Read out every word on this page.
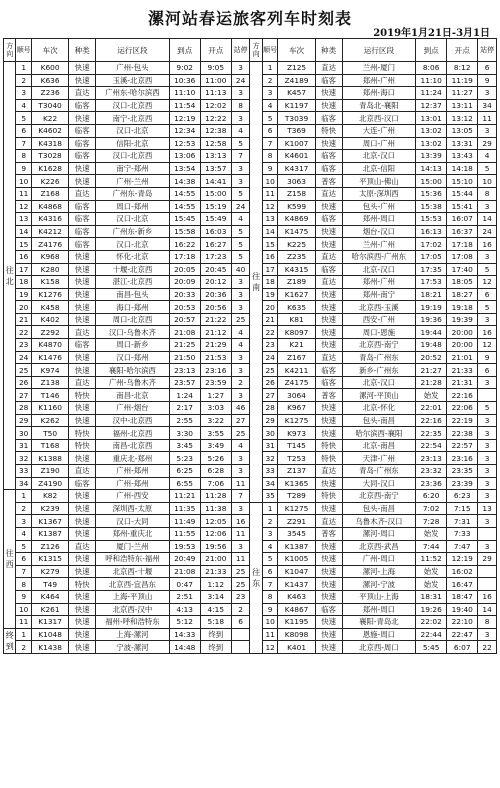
漯河站春运旅客列车时刻表
2019年1月21日-3月1日
方向	顺号	车次	种类	运行区段	到点	开点	站停	方向	顺号	车次	种类	运行区段	到点	开点	站停
往北	1	K600	快速	广州-包头	9:02	9:05	3	往南	1	Z125	直达	兰州-厦门	8:06	8:12	6
	2	K636	快速	玉溪-北京西	10:36	11:00	24		2	Z4189	临客	郑州-广州	11:10	11:19	9
	3	Z236	直达	广州东-哈尔滨西	11:10	11:13	3		3	K457	快速	郑州-海口	11:24	11:27	3
	4	T3040	临客	汉口-北京西	11:54	12:02	8		4	K1197	快速	青岛北-襄阳	12:37	13:11	34
	5	K22	快速	南宁-北京西	12:19	12:22	3		5	T3039	临客	北京西-汉口	13:01	13:12	11
	6	K4602	临客	汉口-北京	12:34	12:38	4		6	T369	特快	大连-广州	13:02	13:05	3
	7	K4318	临客	信阳-北京	12:53	12:58	5		7	K1007	快速	周口-广州	13:02	13:31	29
	8	T3028	临客	汉口-北京西	13:06	13:13	7		8	K4601	临客	北京-汉口	13:39	13:43	4
	9	K1628	快速	南宁-郑州	13:54	13:57	3		9	K4317	临客	北京-信阳	14:13	14:18	5
	10	K226	快速	广州-兰州	14:38	14:41	3		10	3063	普客	平顶山-佛山	15:00	15:10	10
	11	Z168	直达	广州东-青岛	14:55	15:00	5		11	Z158	直达	太原-深圳西	15:36	15:44	8
	12	K4868	临客	周口-郑州	14:55	15:19	24		12	K599	快速	包头-广州	15:38	15:41	3
	13	K4316	临客	汉口-北京	15:45	15:49	4		13	K4869	临客	郑州-周口	15:53	16:07	14
	14	K4212	临客	广州东-新乡	15:58	16:03	5		14	K1475	快速	烟台-汉口	16:13	16:37	24
	15	Z4176	临客	汉口-北京	16:22	16:27	5		15	K225	快速	兰州-广州	17:02	17:18	16
	16	K968	快速	怀化-北京	17:18	17:23	5		16	Z235	直达	哈尔滨西-广州东	17:05	17:08	3
	17	K280	快速	十堰-北京西	20:05	20:45	40		17	K4315	临客	北京-汉口	17:35	17:40	5
	18	K158	快速	湛江-北京西	20:09	20:12	3		18	Z189	直达	郑州-广州	17:53	18:05	12
	19	K1276	快速	南昌-包头	20:33	20:36	3		19	K1627	快速	郑州-南宁	18:21	18:27	6
	20	K458	快速	海口-郑州	20:53	20:56	3		20	K635	快速	北京西-玉溪	19:19	19:18	5
	21	K402	快速	周口-北京西	20:57	21:22	25		21	K81	快速	西安-广州	19:36	19:39	3
	22	Z292	直达	汉口-乌鲁木齐	21:08	21:12	4		22	K8097	快速	周口-恩施	19:44	20:00	16
	23	K4870	临客	周口-新乡	21:25	21:29	4		23	K21	快速	北京西-南宁	19:48	20:00	12
	24	K1476	快速	汉口-郑州	21:50	21:53	3		24	Z167	直达	青岛-广州东	20:52	21:01	9
	25	K974	快速	襄阳-哈尔滨西	23:13	23:16	3		25	K4211	临客	新乡-广州东	21:27	21:33	6
	26	Z138	直达	广州-乌鲁木齐	23:57	23:59	2		26	Z4175	临客	北京-汉口	21:28	21:31	3
	27	T146	特快	南昌-北京	1:24	1:27	3		27	3064	普客	漯河-平顶山	始发	22:16	
	28	K1160	快速	广州-烟台	2:17	3:03	46		28	K967	快速	北京-怀化	22:01	22:06	5
	29	K262	快速	汉中-北京西	2:55	3:22	27		29	K1275	快速	包头-南昌	22:16	22:19	3
	30	T50	特快	福州-北京西	3:30	3:55	25		30	K973	快速	哈尔滨西-襄阳	22:35	22:38	3
	31	T168	特快	南昌-北京西	3:45	3:49	4		31	T145	特快	北京-南昌	22:54	22:57	3
	32	K1388	快速	重庆北-郑州	5:23	5:26	3		32	T253	特快	天津-广州	23:13	23:16	3
	33	Z190	直达	广州-郑州	6:25	6:28	3		33	Z137	直达	青岛-广州东	23:32	23:35	3
	34	Z4190	临客	广州-郑州	6:55	7:06	11		34	K1365	快速	大同-汉口	23:36	23:39	3
往西	1	K82	快速	广州-西安	11:21	11:28	7		35	T289	特快	北京西-南宁	6:20	6:23	3
	2	K239	快速	深圳西-太原	11:35	11:38	3	往东	1	K1275	快速	包头-南昌	7:02	7:15	13
	3	K1367	快速	汉口-大同	11:49	12:05	16		2	Z291	直达	乌鲁木齐-汉口	7:28	7:31	3
	4	K1387	快速	郑州-重庆北	11:55	12:06	11		3	3545	普客	漯河-周口	始发	7:33	
	5	Z126	直达	厦门-兰州	19:53	19:56	3		4	K1387	快速	北京西-武昌	7:44	7:47	3
	6	K1315	快速	呼和浩特东-福州	20:49	21:00	11		5	K1005	快速	广州-周口	11:52	12:19	29
	7	K279	快速	北京西-十堰	21:08	21:33	25		6	K1047	快速	漯河-上海	始发	16:02	
	8	T49	特快	北京西-宜昌东	0:47	1:12	25		7	K1437	快速	漯河-宁波	始发	16:47	
	9	K464	快速	上海-平顶山	2:51	3:14	23		8	K463	快速	平顶山-上海	18:31	18:47	16
	10	K261	快速	北京西-汉中	4:13	4:15	2		9	K4867	临客	郑州-周口	19:26	19:40	14
	11	K1317	快速	福州-呼和浩特东	5:12	5:18	6		10	K1195	快速	襄阳-青岛北	22:02	22:10	8
终到	1	K1048	快速	上海-漯河	14:33	终到			11	K8098	快速	恩施-周口	22:44	22:47	3
	2	K1438	快速	宁波-漯河	14:48	终到			12	K401	快速	北京西-周口	5:45	6:07	22
